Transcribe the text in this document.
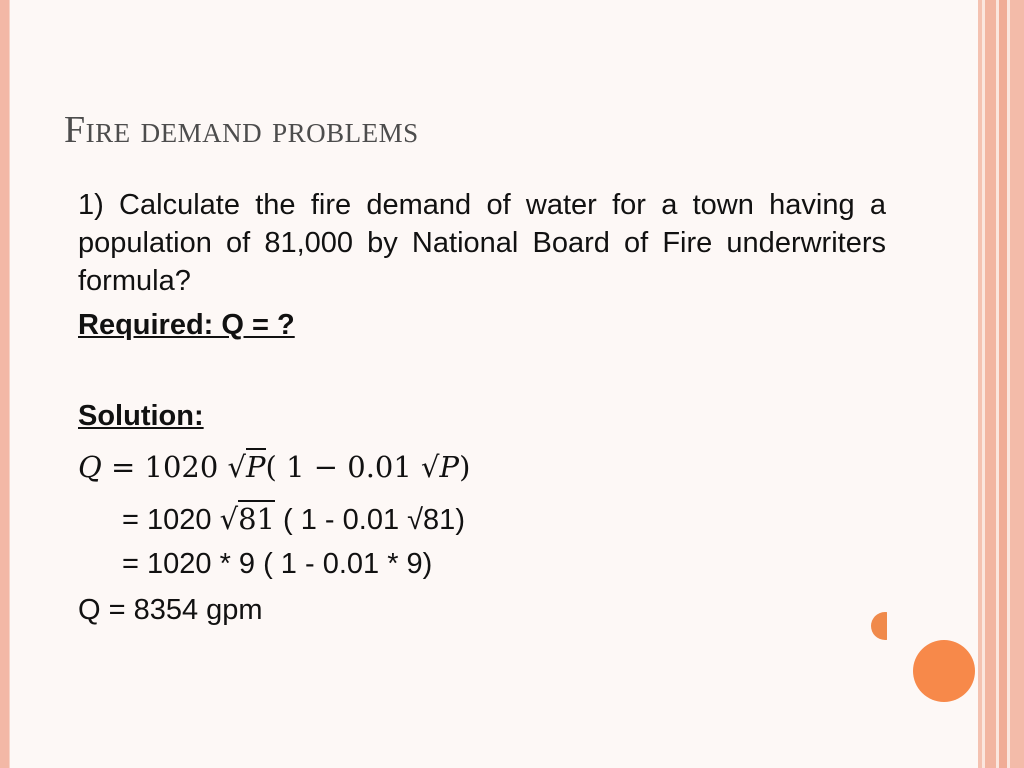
Fire demand problems

1) Calculate the fire demand of water for a town having a population of 81,000 by National Board of Fire underwriters formula?

Required: Q = ?
Solution:
Q = 1020 √P( 1 − 0.01 √P)
= 1020 √81 ( 1 - 0.01 √81)
= 1020 * 9 ( 1 - 0.01 * 9)
Q = 8354 gpm
